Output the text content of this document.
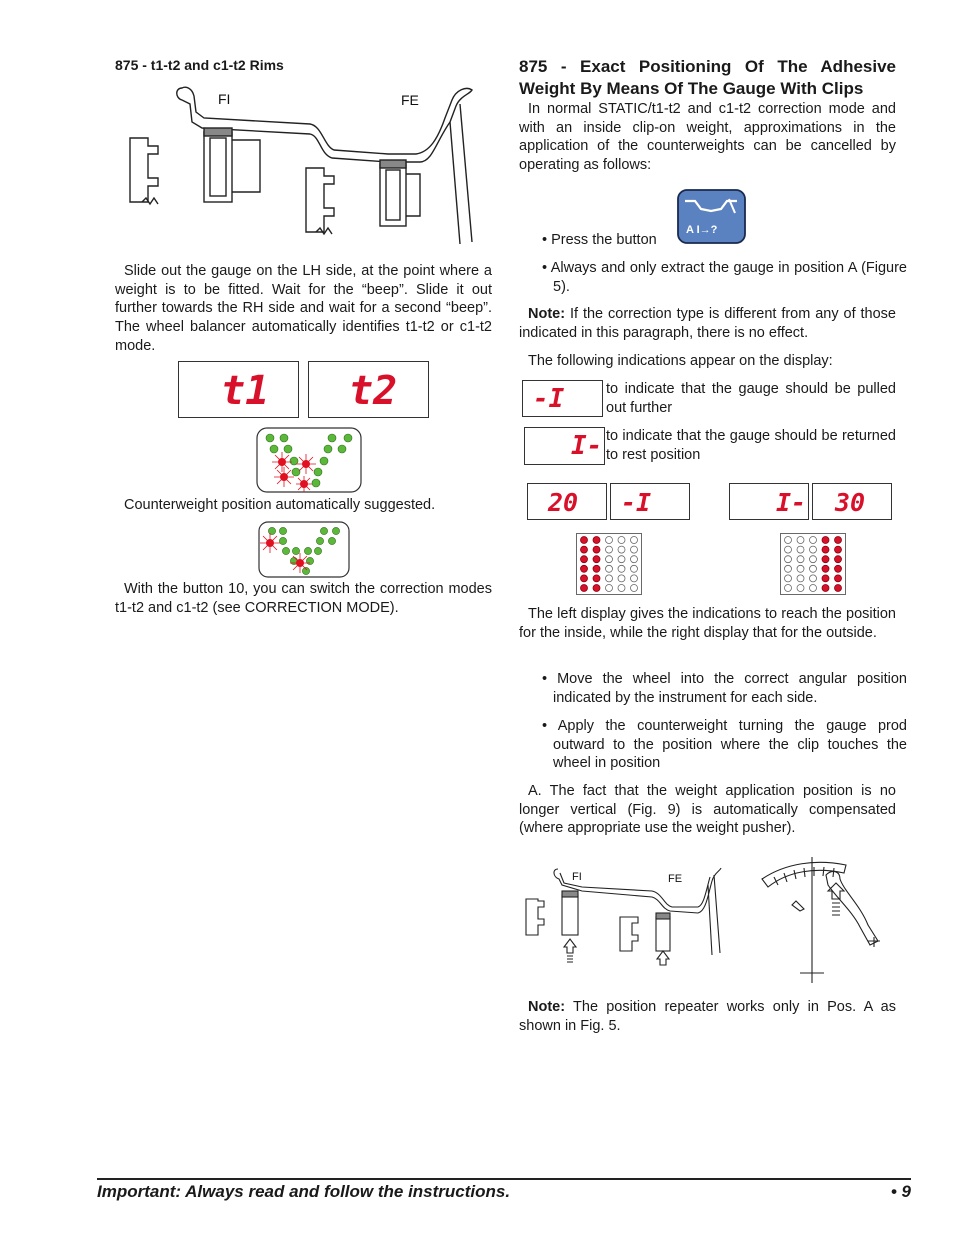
875 - t1-t2 and c1-t2 Rims
FI	FE
Slide out the gauge on the LH side, at the point where a weight is to be fitted. Wait for the “beep”. Slide it out further towards the RH side and wait for a second “beep”. The wheel balancer automatically identifies t1-t2 or c1-t2 mode.
t1 t2
Counterweight position automatically suggested.
With the button 10, you can switch the correction modes t1-t2 and c1-t2 (see CORRECTION MODE).
875 - Exact Positioning Of The Adhesive Weight By Means Of The Gauge With Clips
In normal STATIC/t1-t2 and c1-t2 correction mode and with an inside clip-on weight, approximations in the application of the counterweights can be cancelled by operating as follows:
• Press the button
A I→?
• Always and only extract the gauge in position A (Figure 5).
Note: If the correction type is different from any of those indicated in this paragraph, there is no effect.
The following indications appear on the display:
-I	to indicate that the gauge should be pulled out further
I- to indicate that the gauge should be returned to rest position
20 -I	I- 30
The left display gives the indications to reach the position for the inside, while the right display that for the outside.
• Move the wheel into the correct angular position indicated by the instrument for each side.
• Apply the counterweight turning the gauge prod outward to the position where the clip touches the wheel in position
A. The fact that the weight application position is no longer vertical (Fig. 9) is automatically compensated (where appropriate use the weight pusher).
FI	FE
Note: The position repeater works only in Pos. A as shown in Fig. 5.
Important: Always read and follow the instructions.	• 9
